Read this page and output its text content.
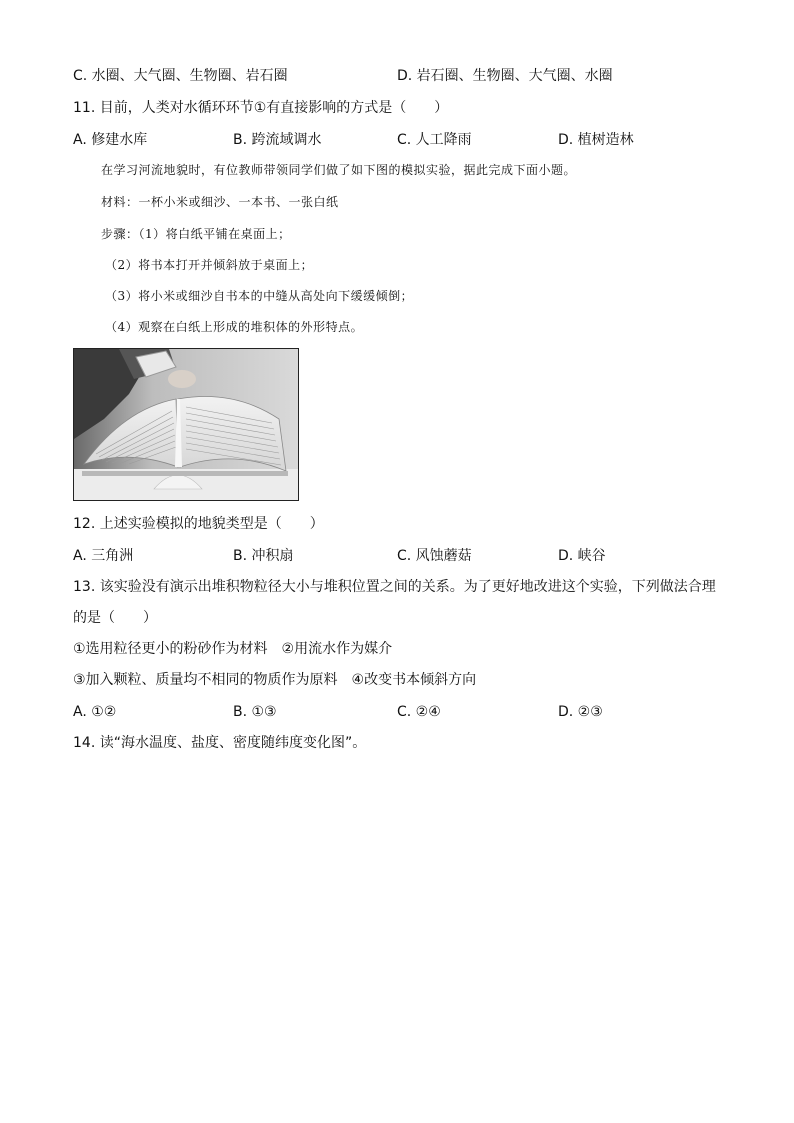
C. 水圈、大气圈、生物圈、岩石圈	D. 岩石圈、生物圈、大气圈、水圈
11. 目前，人类对水循环环节①有直接影响的方式是（　　）
A. 修建水库	B. 跨流域调水	C. 人工降雨	D. 植树造林
在学习河流地貌时，有位教师带领同学们做了如下图的模拟实验，据此完成下面小题。
材料：一杯小米或细沙、一本书、一张白纸
步骤：（1）将白纸平铺在桌面上；
（2）将书本打开并倾斜放于桌面上；
（3）将小米或细沙自书本的中缝从高处向下缓缓倾倒；
（4）观察在白纸上形成的堆积体的外形特点。
12. 上述实验模拟的地貌类型是（　　）
A. 三角洲	B. 冲积扇	C. 风蚀蘑菇	D. 峡谷
13. 该实验没有演示出堆积物粒径大小与堆积位置之间的关系。为了更好地改进这个实验，下列做法合理
的是（　　）
①选用粒径更小的粉砂作为材料　②用流水作为媒介
③加入颗粒、质量均不相同的物质作为原料　④改变书本倾斜方向
A. ①②	B. ①③	C. ②④	D. ②③
14. 读“海水温度、盐度、密度随纬度变化图”。
